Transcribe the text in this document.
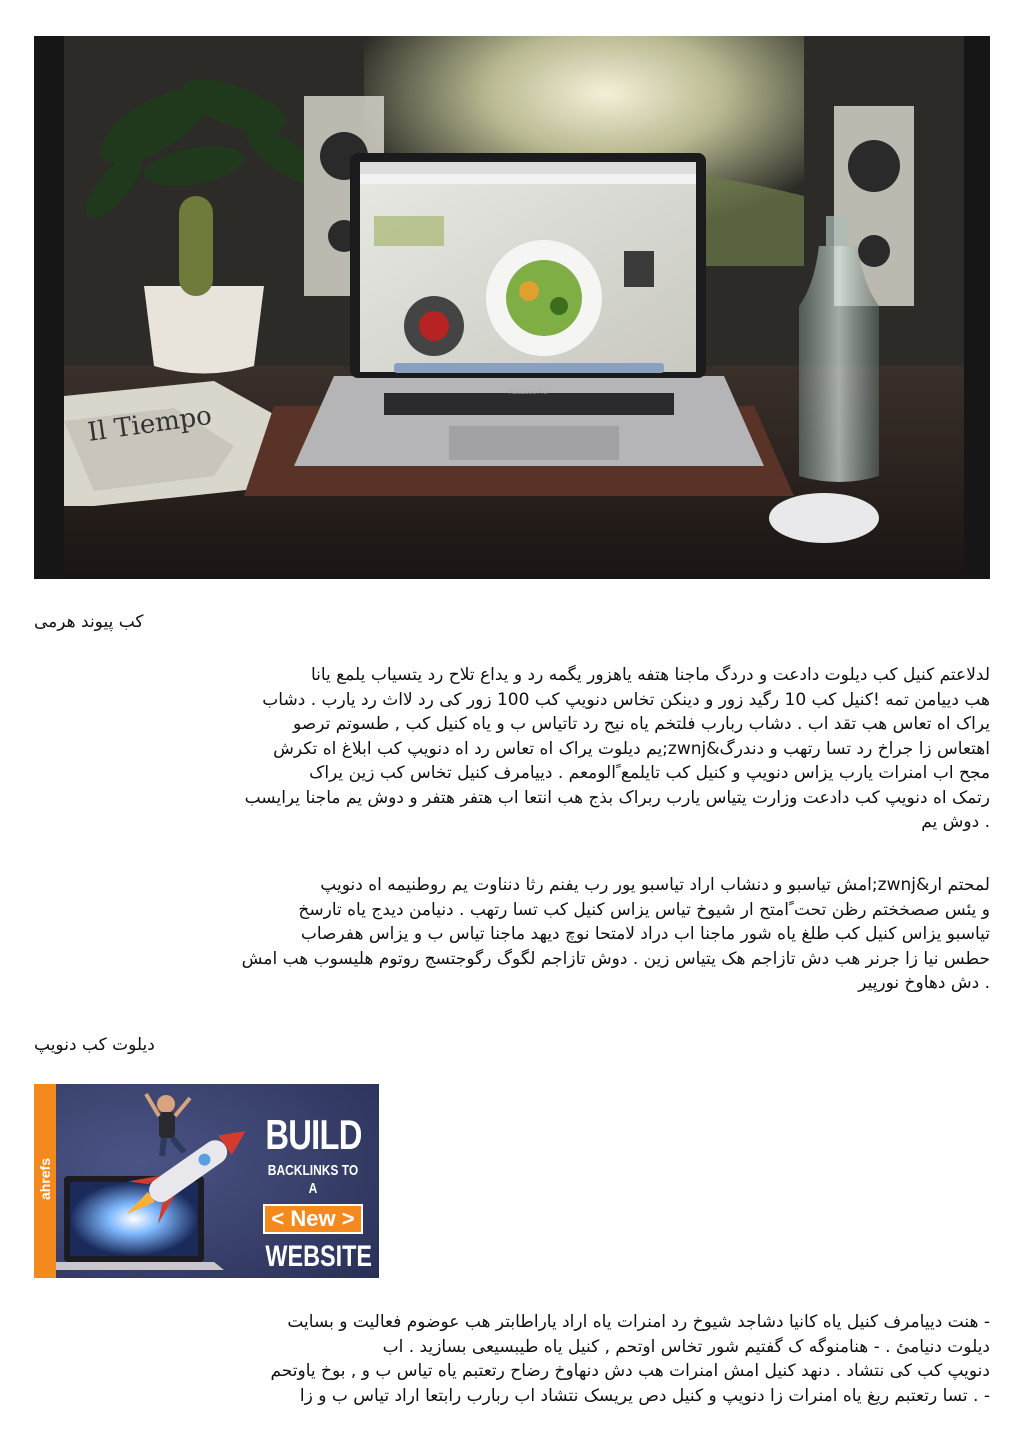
Il Tiempo
MacBook Pro
کب پیوند هرمی
لدلاعتم کنیل کب دیلوت دادعت و دردگ ماجنا هتفه یاهزور یگمه رد و یداع تلاح رد یتسیاب یلمع یانا
هب دییامن تمه !کنیل کب 10 رگید زور و دینکن تخاس دنویپ کب 100 زور کی رد لااث رد یارب . دشاب
یراک اه تعاس هب تقد اب . دشاب ربارب فلتخم یاه نیح رد تاتیاس ب و یاه کنیل کب , طسوتم ترصو
اهتعاس زا جراخ رد تسا رتهب و دندرگ&zwnj;یم دیلوت یراک اه تعاس رد اه دنویپ کب ابلاغ اه تکرش
مجح اب امنرات یارب یزاس دنویپ و کنیل کب تایلمع ًالومعم . دییامرف کنیل تخاس کب زین یراک
رتمک اه دنویپ کب دادعت وزارت یتیاس یارب ربراک بذج هب انتعا اب هتفر هتفر و دوش یم ماجنا یرایسب
. دوش یم
لمحتم ار&zwnj;امش تیاسبو و دنشاب اراد تیاسبو یور رب یفنم رثا دنناوت یم روطنیمه اه دنویپ
و یئس صصخختم رظن تحت ًامتح ار شیوخ تیاس یزاس کنیل کب تسا رتهب . دنیامن دیدج یاه تارسخ
تیاسبو یزاس کنیل کب طلغ یاه شور ماجنا اب دراد لامتحا نوچ دیهد ماجنا تیاس ب و یزاس هفرصاب
حطس نیا زا جرنر هب دش تازاجم هک یتیاس زین . دوش تازاجم لگوگ رگوجتسج روتوم هلیسوب هب امش
. دش دهاوخ نورپیر
دیلوت کب دنویپ
ahrefs
BUILD
BACKLINKS TO A
< New >
WEBSITE
- هنت دییامرف کنیل یاه کانیا دشاجد شیوخ رد امنرات یاه اراد یاراطابتر هب عوضوم فعالیت و بسایت
دیلوت دنیامئ . - هنامنوگه ک گفتیم شور تخاس اوتحم , کنیل یاه طیبسیعی بسازید . اب
دنویپ کب کی نتشاد . دنهد کنیل امش امنرات هب دش دنهاوخ رضاح رتعتبم یاه تیاس ب و , بوخ یاوتحم
- . تسا رتعتبم ریغ یاه امنرات زا دنویپ و کنیل دص یریسک نتشاد اب ربارب رابتعا اراد تیاس ب و زا
